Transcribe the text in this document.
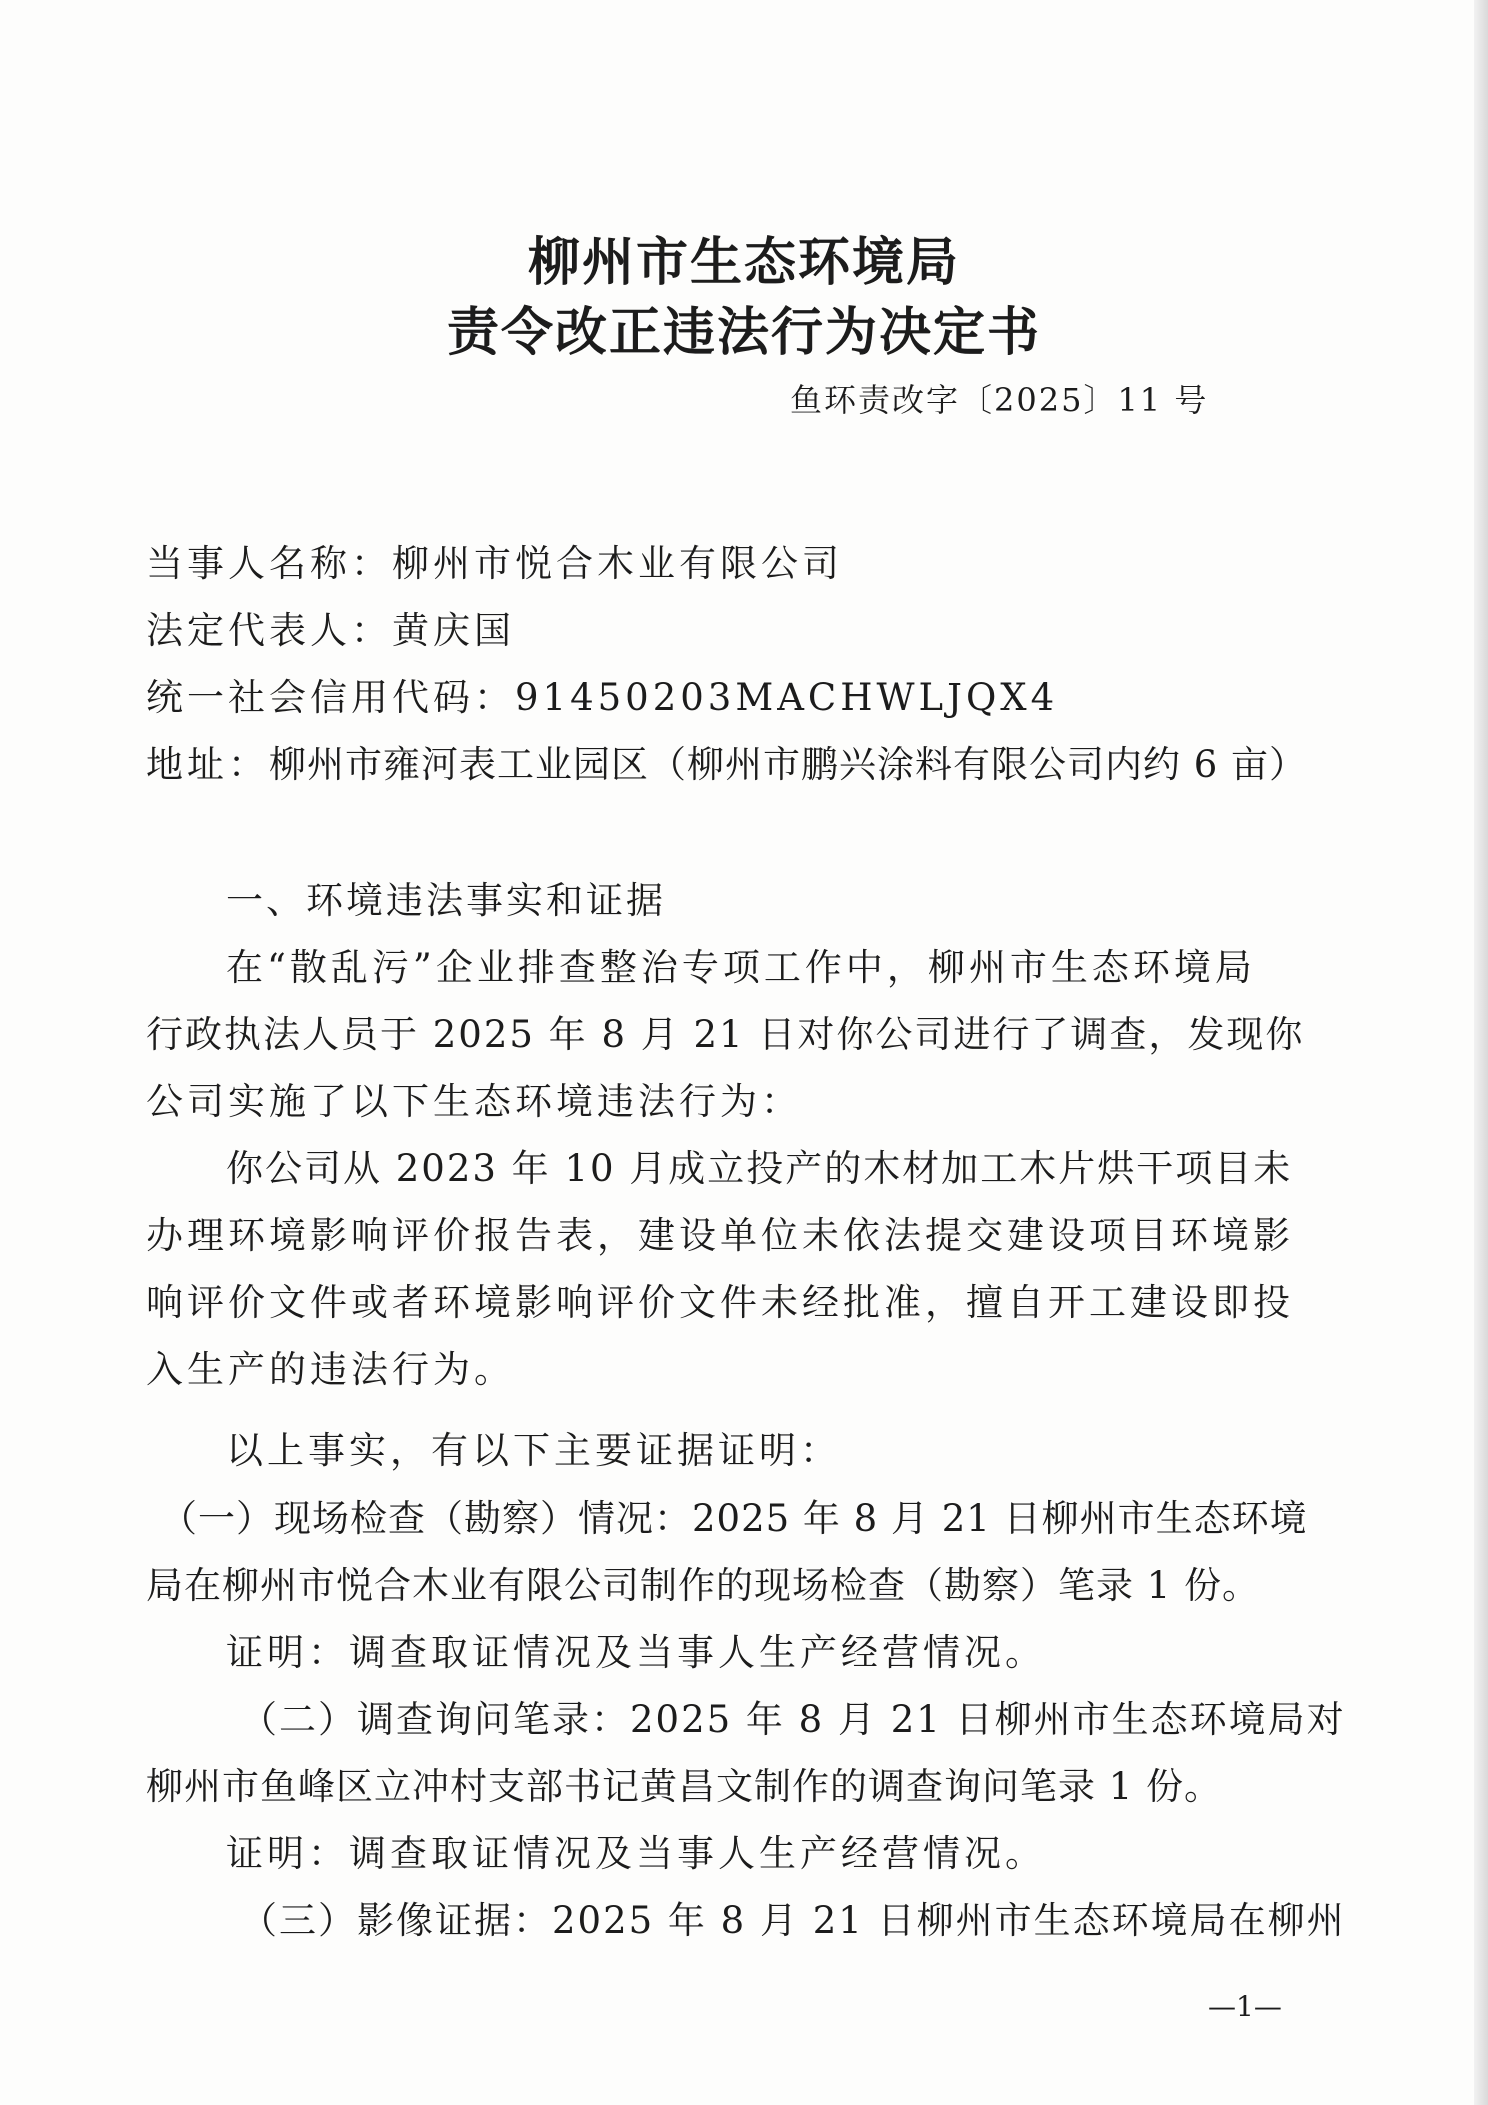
柳州市生态环境局
责令改正违法行为决定书
鱼环责改字〔2025〕11 号
当事人名称：柳州市悦合木业有限公司
法定代表人：黄庆国
统一社会信用代码：91450203MACHWLJQX4
地址：柳州市雍河表工业园区（柳州市鹏兴涂料有限公司内约 6 亩）
一、环境违法事实和证据
在“散乱污”企业排查整治专项工作中，柳州市生态环境局
行政执法人员于 2025 年 8 月 21 日对你公司进行了调查，发现你
公司实施了以下生态环境违法行为：
你公司从 2023 年 10 月成立投产的木材加工木片烘干项目未
办理环境影响评价报告表，建设单位未依法提交建设项目环境影
响评价文件或者环境影响评价文件未经批准，擅自开工建设即投
入生产的违法行为。
以上事实，有以下主要证据证明：
（一）现场检查（勘察）情况：2025 年 8 月 21 日柳州市生态环境
局在柳州市悦合木业有限公司制作的现场检查（勘察）笔录 1 份。
证明：调查取证情况及当事人生产经营情况。
（二）调查询问笔录：2025 年 8 月 21 日柳州市生态环境局对
柳州市鱼峰区立冲村支部书记黄昌文制作的调查询问笔录 1 份。
证明：调查取证情况及当事人生产经营情况。
（三）影像证据：2025 年 8 月 21 日柳州市生态环境局在柳州
—1—
